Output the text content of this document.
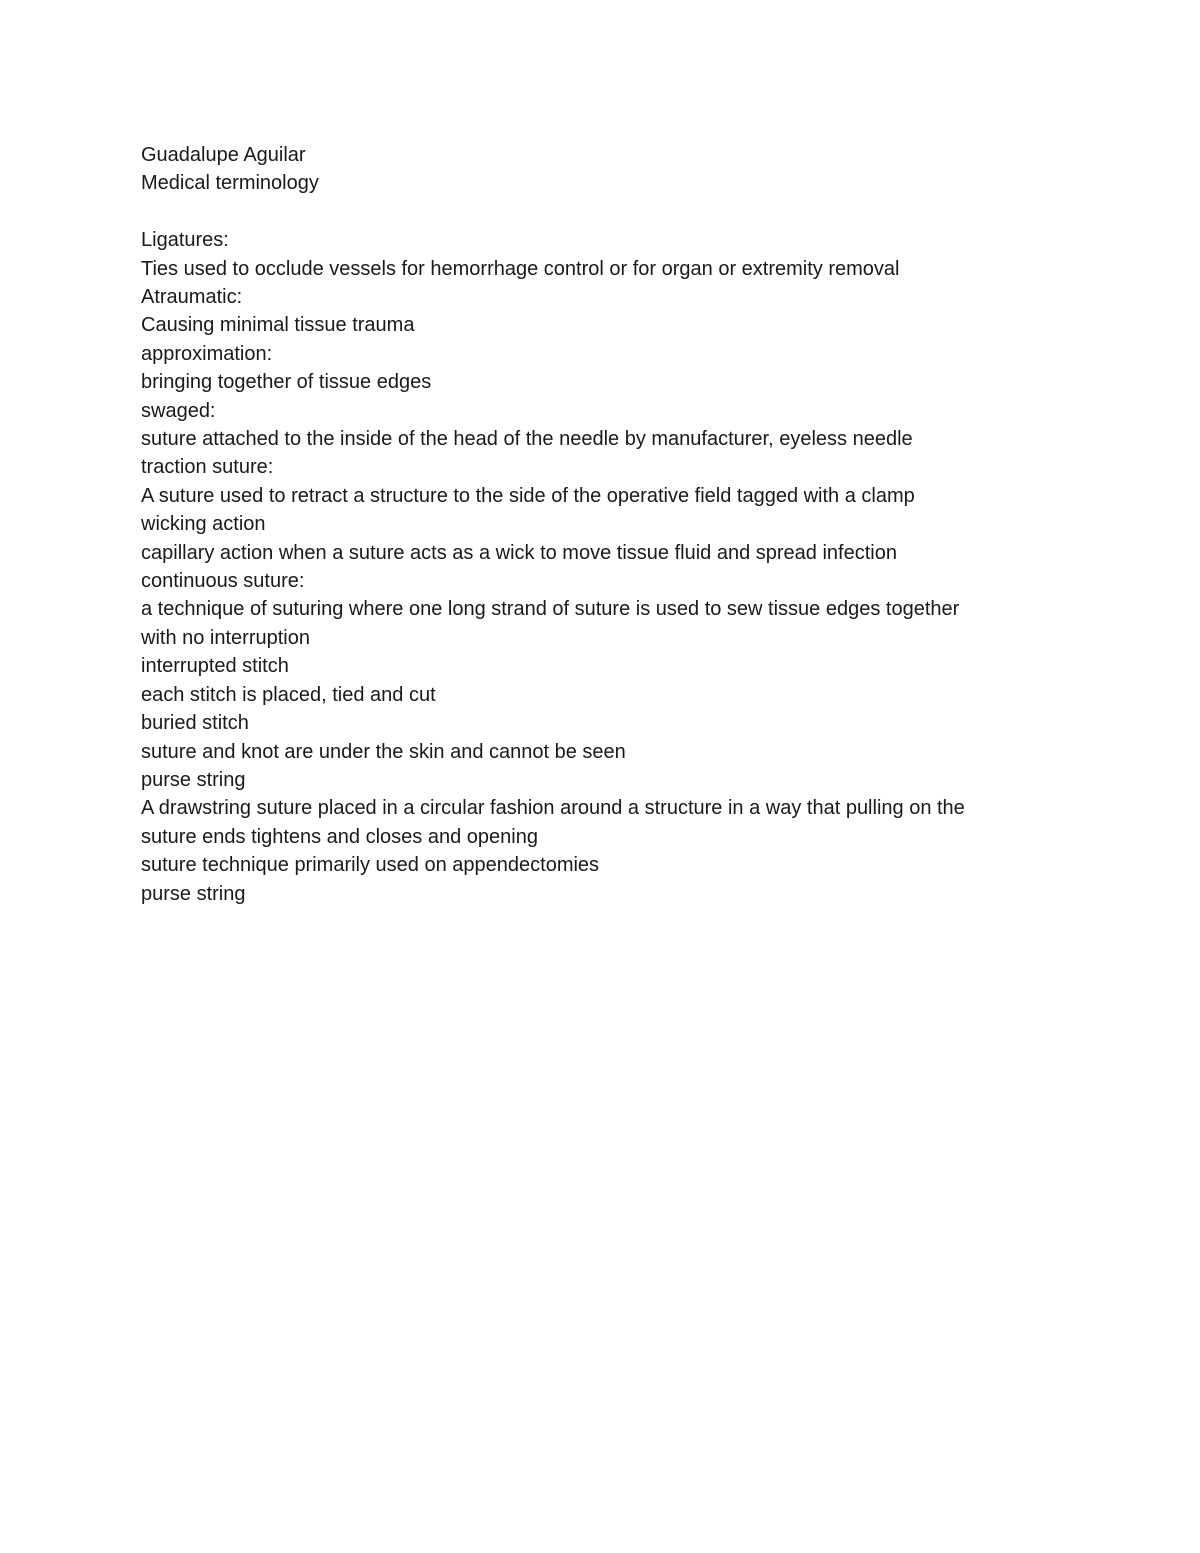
Guadalupe Aguilar

Medical terminology

Ligatures:

Ties used to occlude vessels for hemorrhage control or for organ or extremity removal

Atraumatic:

Causing minimal tissue trauma

approximation:

bringing together of tissue edges

swaged:

suture attached to the inside of the head of the needle by manufacturer, eyeless needle

traction suture:

A suture used to retract a structure to the side of the operative field tagged with a clamp

wicking action

capillary action when a suture acts as a wick to move tissue fluid and spread infection

continuous suture:

a technique of suturing where one long strand of suture is used to sew tissue edges together

with no interruption

interrupted stitch

each stitch is placed, tied and cut

buried stitch

suture and knot are under the skin and cannot be seen

purse string

A drawstring suture placed in a circular fashion around a structure in a way that pulling on the

suture ends tightens and closes and opening

suture technique primarily used on appendectomies

purse string
